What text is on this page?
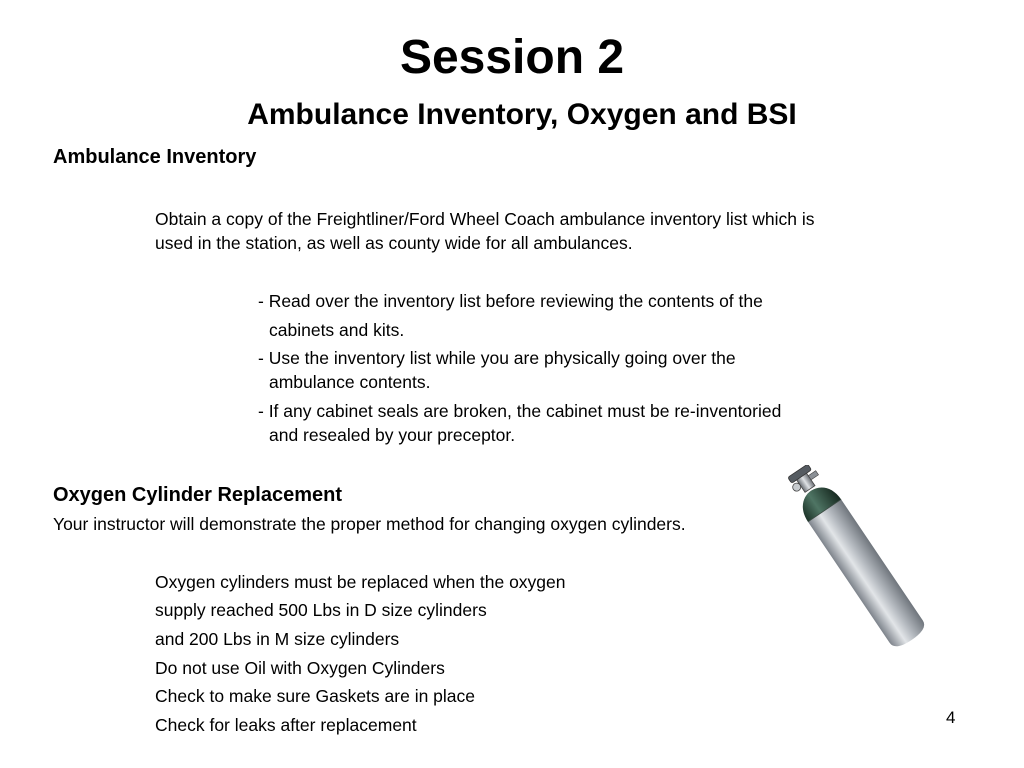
Session 2
Ambulance Inventory, Oxygen and BSI
Ambulance Inventory
Obtain a copy of the Freightliner/Ford Wheel Coach ambulance inventory list which is
used in the station, as well as county wide for all ambulances.
- Read over the inventory list before reviewing the contents of the
cabinets and kits.
- Use the inventory list while you are physically going over the
ambulance contents.
- If any cabinet seals are broken, the cabinet must be re-inventoried
and resealed by your preceptor.
Oxygen Cylinder Replacement
Your instructor will demonstrate the proper method for changing oxygen cylinders.
Oxygen cylinders must be replaced when the oxygen
supply reached 500 Lbs in D size cylinders
and 200 Lbs in M size cylinders
Do not use Oil with Oxygen Cylinders
Check to make sure Gaskets are in place
Check for leaks after replacement	4
